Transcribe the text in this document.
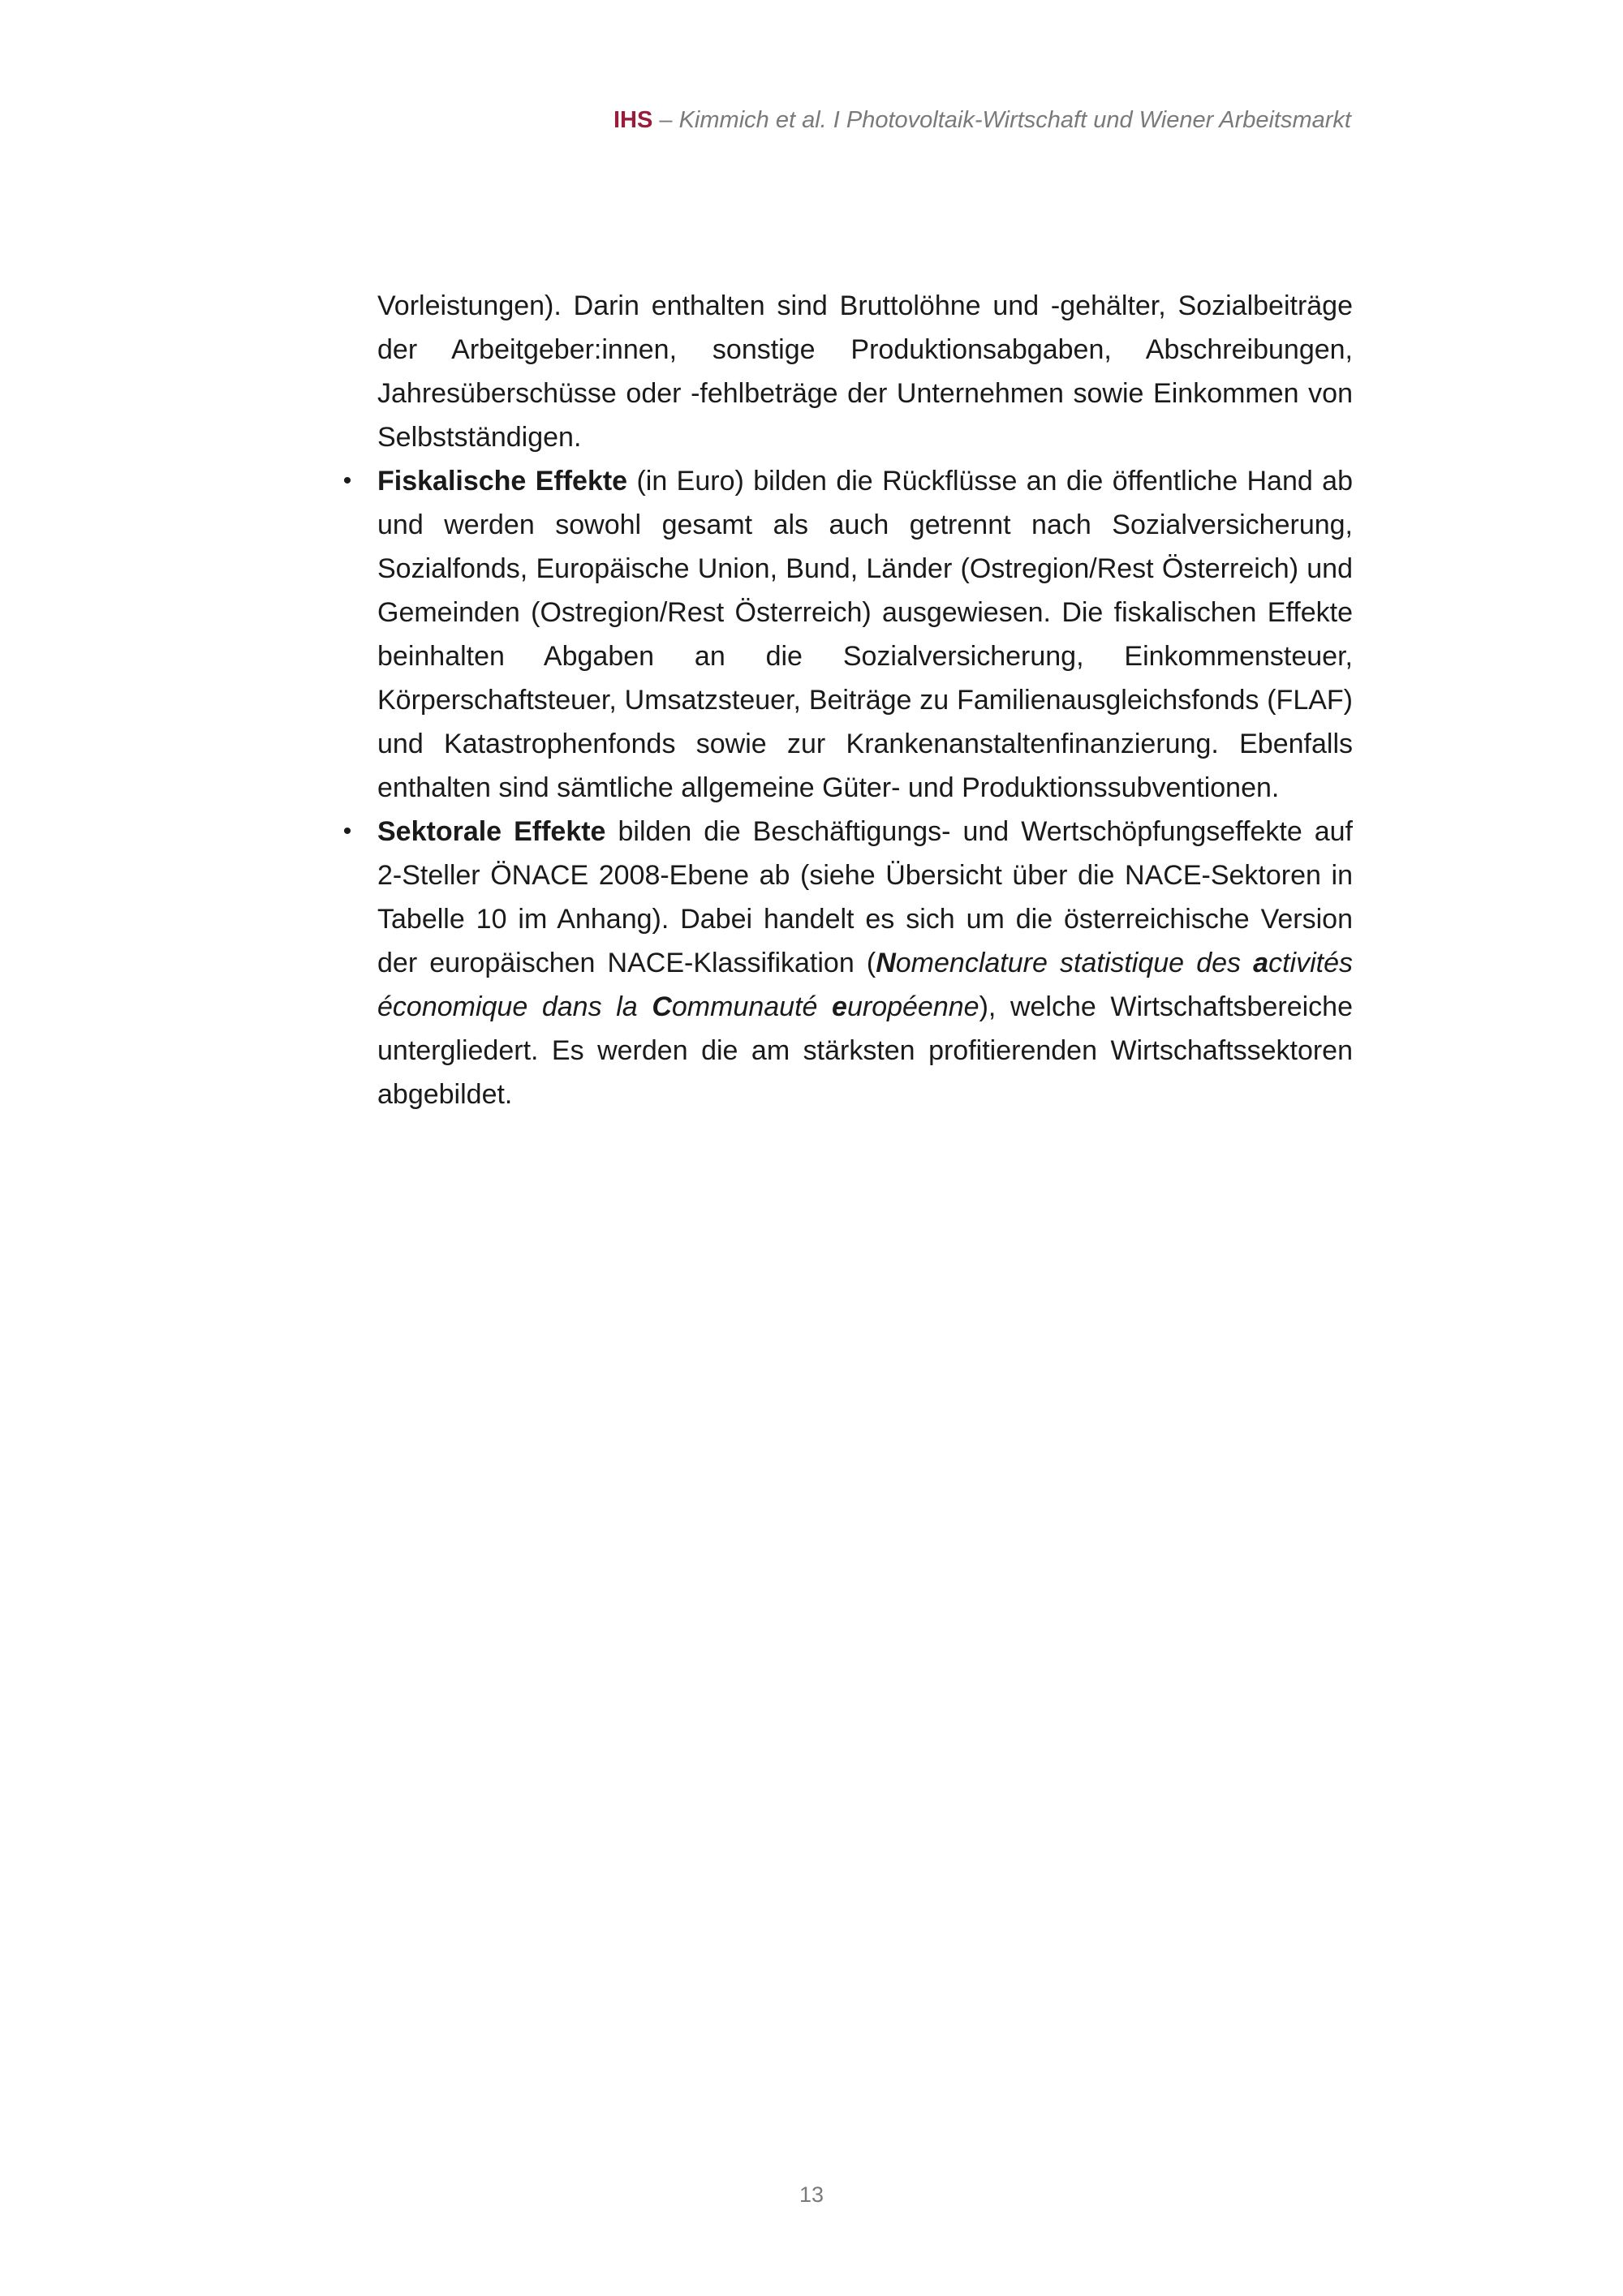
IHS – Kimmich et al. I Photovoltaik-Wirtschaft und Wiener Arbeitsmarkt

Vorleistungen). Darin enthalten sind Bruttolöhne und -gehälter, Sozialbeiträge der Arbeitgeber:innen, sonstige Produktionsabgaben, Abschreibungen, Jahresüberschüsse oder -fehlbeträge der Unternehmen sowie Einkommen von Selbstständigen.

• Fiskalische Effekte (in Euro) bilden die Rückflüsse an die öffentliche Hand ab und werden sowohl gesamt als auch getrennt nach Sozialversicherung, Sozialfonds, Europäische Union, Bund, Länder (Ostregion/Rest Österreich) und Gemeinden (Ostregion/Rest Österreich) ausgewiesen. Die fiskalischen Effekte beinhalten Abgaben an die Sozialversicherung, Einkommensteuer, Körperschaftsteuer, Umsatzsteuer, Beiträge zu Familienausgleichsfonds (FLAF) und Katastrophenfonds sowie zur Krankenanstaltenfinanzierung. Ebenfalls enthalten sind sämtliche allgemeine Güter- und Produktionssubventionen.
• Sektorale Effekte bilden die Beschäftigungs- und Wertschöpfungseffekte auf 2-Steller ÖNACE 2008-Ebene ab (siehe Übersicht über die NACE-Sektoren in Tabelle 10 im Anhang). Dabei handelt es sich um die österreichische Version der europäischen NACE-Klassifikation (Nomenclature statistique des activités économique dans la Communauté européenne), welche Wirtschaftsbereiche untergliedert. Es werden die am stärksten profitierenden Wirtschaftssektoren abgebildet.
13
